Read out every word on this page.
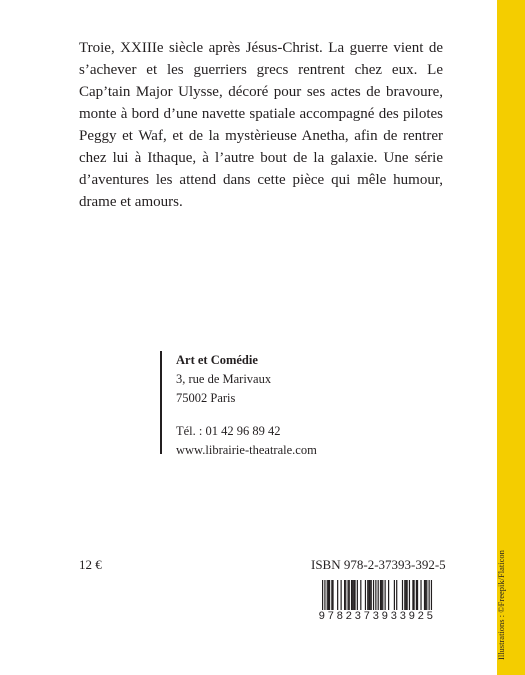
Illustrations : ©Freepik/Flaticon

Troie, XXIIIe siècle après Jésus-Christ. La guerre vient de s’achever et les guerriers grecs rentrent chez eux. Le Cap’tain Major Ulysse, décoré pour ses actes de bravoure, monte à bord d’une navette spatiale accompagné des pilotes Peggy et Waf, et de la mystèrieuse Anetha, afin de rentrer chez lui à Ithaque, à l’autre bout de la galaxie. Une série d’aventures les attend dans cette pièce qui mêle humour, drame et amours.

Art et Comédie
3, rue de Marivaux
75002 Paris
Tél. : 01 42 96 89 42
www.librairie-theatrale.com
12 €	ISBN 978-2-37393-392-5
9782373933925
